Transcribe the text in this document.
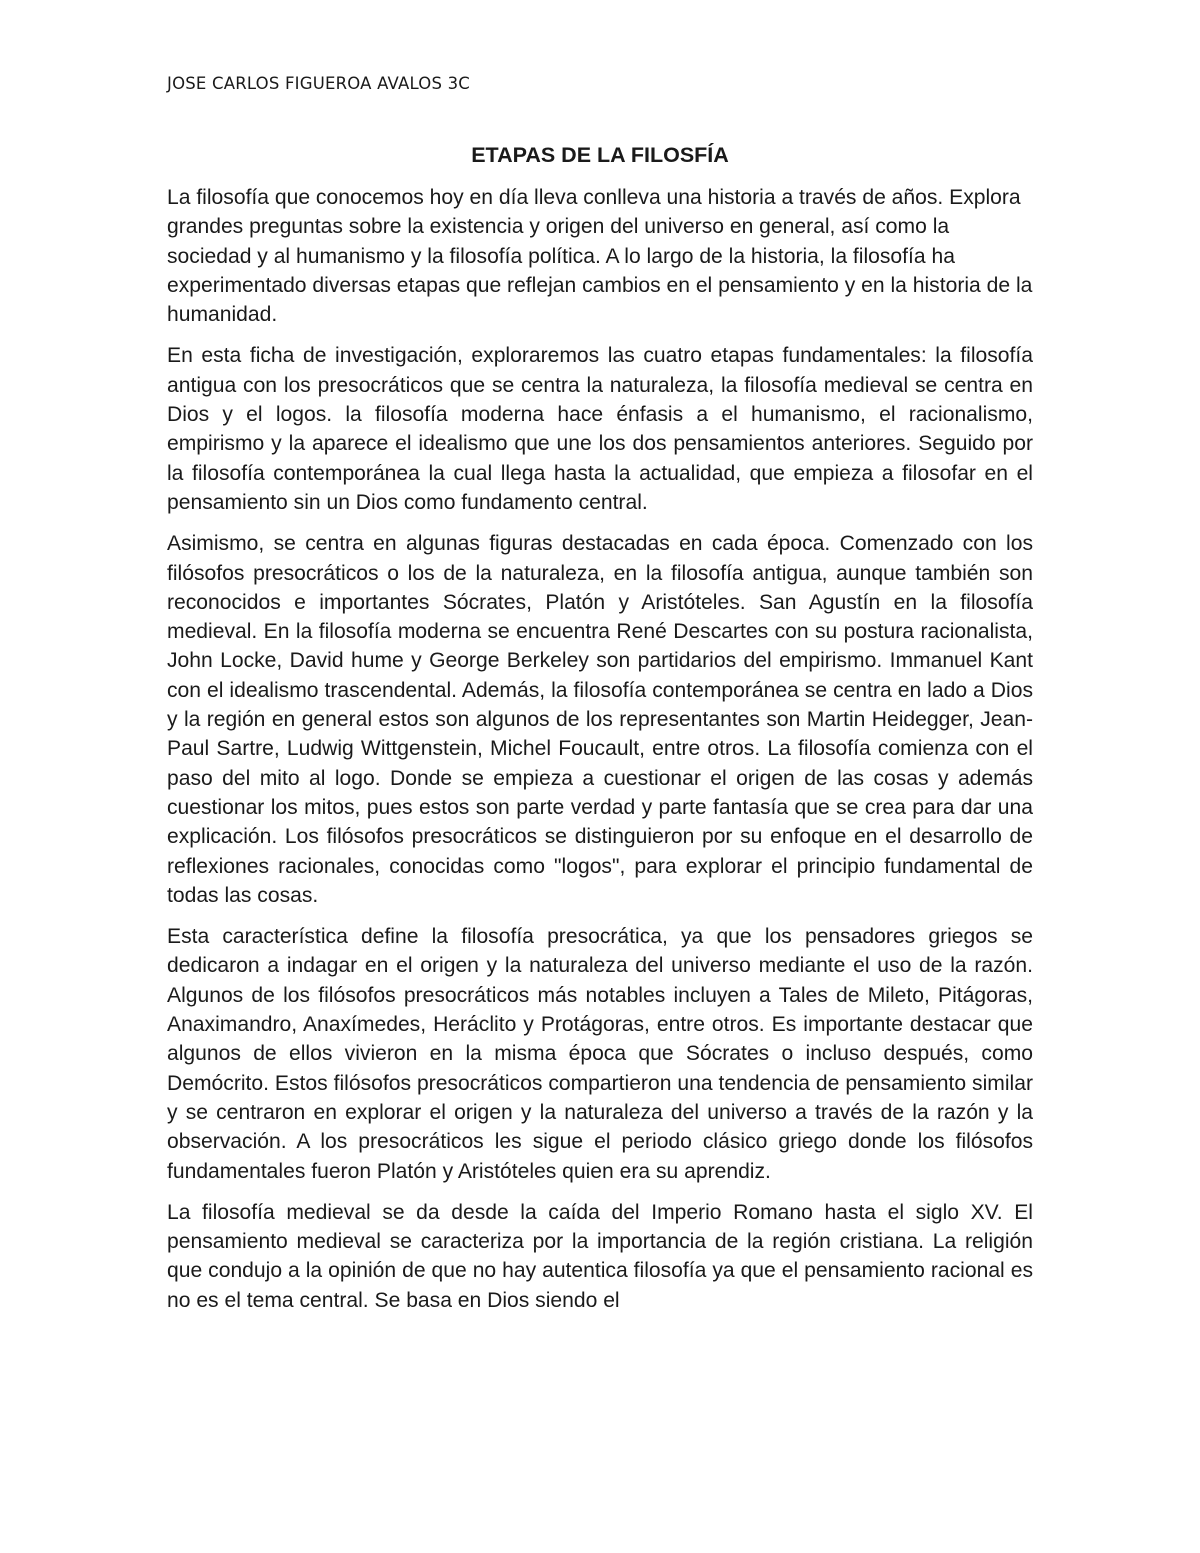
JOSE CARLOS FIGUEROA AVALOS 3C
ETAPAS DE LA FILOSFÍA

La filosofía que conocemos hoy en día lleva conlleva una historia a través de años. Explora grandes preguntas sobre la existencia y origen del universo en general, así como la sociedad y al humanismo y la filosofía política. A lo largo de la historia, la filosofía ha experimentado diversas etapas que reflejan cambios en el pensamiento y en la historia de la humanidad.

En esta ficha de investigación, exploraremos las cuatro etapas fundamentales: la filosofía antigua con los presocráticos que se centra la naturaleza, la filosofía medieval se centra en Dios y el logos. la filosofía moderna hace énfasis a el humanismo, el racionalismo, empirismo y la aparece el idealismo que une los dos pensamientos anteriores. Seguido por la filosofía contemporánea la cual llega hasta la actualidad, que empieza a filosofar en el pensamiento sin un Dios como fundamento central.

Asimismo, se centra en algunas figuras destacadas en cada época. Comenzado con los filósofos presocráticos o los de la naturaleza, en la filosofía antigua, aunque también son reconocidos e importantes Sócrates, Platón y Aristóteles. San Agustín en la filosofía medieval. En la filosofía moderna se encuentra René Descartes con su postura racionalista, John Locke, David hume y George Berkeley son partidarios del empirismo. Immanuel Kant con el idealismo trascendental. Además, la filosofía contemporánea se centra en lado a Dios y la región en general estos son algunos de los representantes son Martin Heidegger, Jean-Paul Sartre, Ludwig Wittgenstein, Michel Foucault, entre otros. La filosofía comienza con el paso del mito al logo. Donde se empieza a cuestionar el origen de las cosas y además cuestionar los mitos, pues estos son parte verdad y parte fantasía que se crea para dar una explicación. Los filósofos presocráticos se distinguieron por su enfoque en el desarrollo de reflexiones racionales, conocidas como "logos", para explorar el principio fundamental de todas las cosas.

Esta característica define la filosofía presocrática, ya que los pensadores griegos se dedicaron a indagar en el origen y la naturaleza del universo mediante el uso de la razón. Algunos de los filósofos presocráticos más notables incluyen a Tales de Mileto, Pitágoras, Anaximandro, Anaxímedes, Heráclito y Protágoras, entre otros. Es importante destacar que algunos de ellos vivieron en la misma época que Sócrates o incluso después, como Demócrito. Estos filósofos presocráticos compartieron una tendencia de pensamiento similar y se centraron en explorar el origen y la naturaleza del universo a través de la razón y la observación. A los presocráticos les sigue el periodo clásico griego donde los filósofos fundamentales fueron Platón y Aristóteles quien era su aprendiz.

La filosofía medieval se da desde la caída del Imperio Romano hasta el siglo XV. El pensamiento medieval se caracteriza por la importancia de la región cristiana. La religión que condujo a la opinión de que no hay autentica filosofía ya que el pensamiento racional es no es el tema central. Se basa en Dios siendo el
